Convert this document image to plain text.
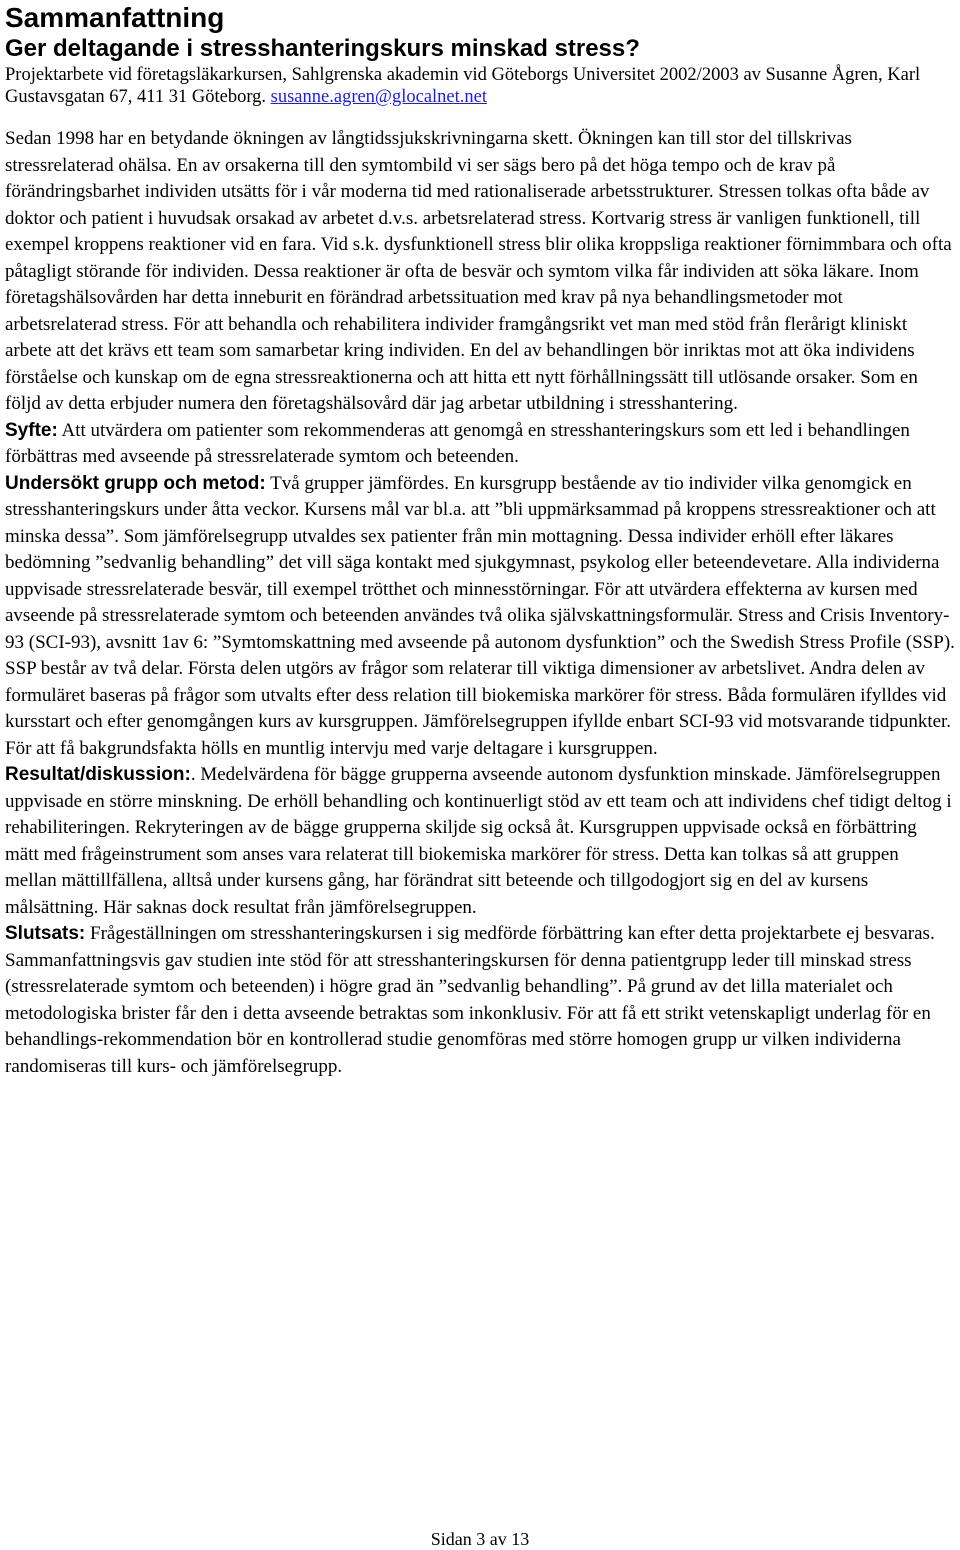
Sammanfattning
Ger deltagande i stresshanteringskurs minskad stress?

Projektarbete vid företagsläkarkursen, Sahlgrenska akademin vid Göteborgs Universitet 2002/2003 av Susanne Ågren, Karl Gustavsgatan 67, 411 31 Göteborg. susanne.agren@glocalnet.net

Sedan 1998 har en betydande ökningen av långtidssjukskrivningarna skett. Ökningen kan till stor del tillskrivas stressrelaterad ohälsa. En av orsakerna till den symtombild vi ser sägs bero på det höga tempo och de krav på förändringsbarhet individen utsätts för i vår moderna tid med rationaliserade arbetsstrukturer. Stressen tolkas ofta både av doktor och patient i huvudsak orsakad av arbetet d.v.s. arbetsrelaterad stress. Kortvarig stress är vanligen funktionell, till exempel kroppens reaktioner vid en fara. Vid s.k. dysfunktionell stress blir olika kroppsliga reaktioner förnimmbara och ofta påtagligt störande för individen. Dessa reaktioner är ofta de besvär och symtom vilka får individen att söka läkare. Inom företagshälsovården har detta inneburit en förändrad arbetssituation med krav på nya behandlingsmetoder mot arbetsrelaterad stress. För att behandla och rehabilitera individer framgångsrikt vet man med stöd från flerårigt kliniskt arbete att det krävs ett team som samarbetar kring individen. En del av behandlingen bör inriktas mot att öka individens förståelse och kunskap om de egna stressreaktionerna och att hitta ett nytt förhållningssätt till utlösande orsaker. Som en följd av detta erbjuder numera den företagshälsovård där jag arbetar utbildning i stresshantering.
Syfte: Att utvärdera om patienter som rekommenderas att genomgå en stresshanteringskurs som ett led i behandlingen förbättras med avseende på stressrelaterade symtom och beteenden.
Undersökt grupp och metod: Två grupper jämfördes. En kursgrupp bestående av tio individer vilka genomgick en stresshanteringskurs under åtta veckor. Kursens mål var bl.a. att ”bli uppmärksammad på kroppens stressreaktioner och att minska dessa”. Som jämförelsegrupp utvaldes sex patienter från min mottagning. Dessa individer erhöll efter läkares bedömning ”sedvanlig behandling” det vill säga kontakt med sjukgymnast, psykolog eller beteendevetare. Alla individerna uppvisade stressrelaterade besvär, till exempel trötthet och minnesstörningar. För att utvärdera effekterna av kursen med avseende på stressrelaterade symtom och beteenden användes två olika självskattningsformulär. Stress and Crisis Inventory-93 (SCI-93), avsnitt 1av 6: ”Symtomskattning med avseende på autonom dysfunktion” och the Swedish Stress Profile (SSP). SSP består av två delar. Första delen utgörs av frågor som relaterar till viktiga dimensioner av arbetslivet. Andra delen av formuläret baseras på frågor som utvalts efter dess relation till biokemiska markörer för stress. Båda formulären ifylldes vid kursstart och efter genomgången kurs av kursgruppen. Jämförelsegruppen ifyllde enbart SCI-93 vid motsvarande tidpunkter. För att få bakgrundsfakta hölls en muntlig intervju med varje deltagare i kursgruppen.
Resultat/diskussion:. Medelvärdena för bägge grupperna avseende autonom dysfunktion minskade. Jämförelsegruppen uppvisade en större minskning. De erhöll behandling och kontinuerligt stöd av ett team och att individens chef tidigt deltog i rehabiliteringen. Rekryteringen av de bägge grupperna skiljde sig också åt. Kursgruppen uppvisade också en förbättring mätt med frågeinstrument som anses vara relaterat till biokemiska markörer för stress. Detta kan tolkas så att gruppen mellan mättillfällena, alltså under kursens gång, har förändrat sitt beteende och tillgodogjort sig en del av kursens målsättning. Här saknas dock resultat från jämförelsegruppen.
Slutsats: Frågeställningen om stresshanteringskursen i sig medförde förbättring kan efter detta projektarbete ej besvaras. Sammanfattningsvis gav studien inte stöd för att stresshanteringskursen för denna patientgrupp leder till minskad stress (stressrelaterade symtom och beteenden) i högre grad än ”sedvanlig behandling”. På grund av det lilla materialet och metodologiska brister får den i detta avseende betraktas som inkonklusiv. För att få ett strikt vetenskapligt underlag för en behandlings-rekommendation bör en kontrollerad studie genomföras med större homogen grupp ur vilken individerna randomiseras till kurs- och jämförelsegrupp.

Sidan 3 av 13
